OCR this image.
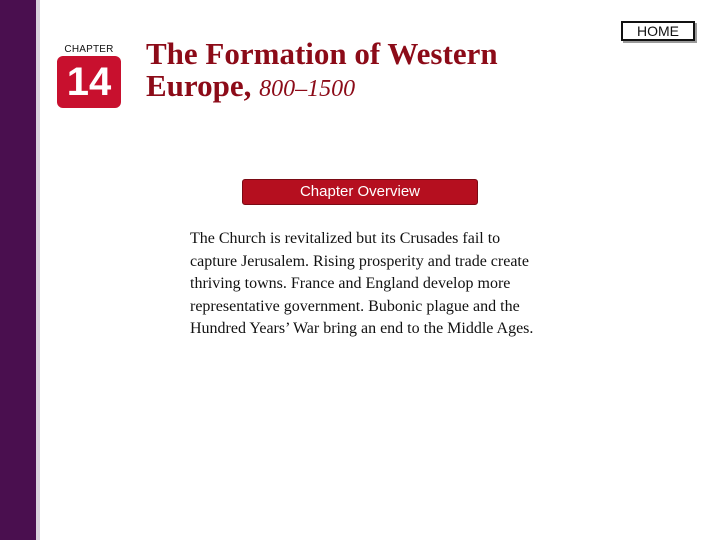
CHAPTER
14
The Formation of Western Europe, 800–1500
HOME
Chapter Overview
The Church is revitalized but its Crusades fail to capture Jerusalem. Rising prosperity and trade create thriving towns. France and England develop more representative government. Bubonic plague and the Hundred Years’ War bring an end to the Middle Ages.
